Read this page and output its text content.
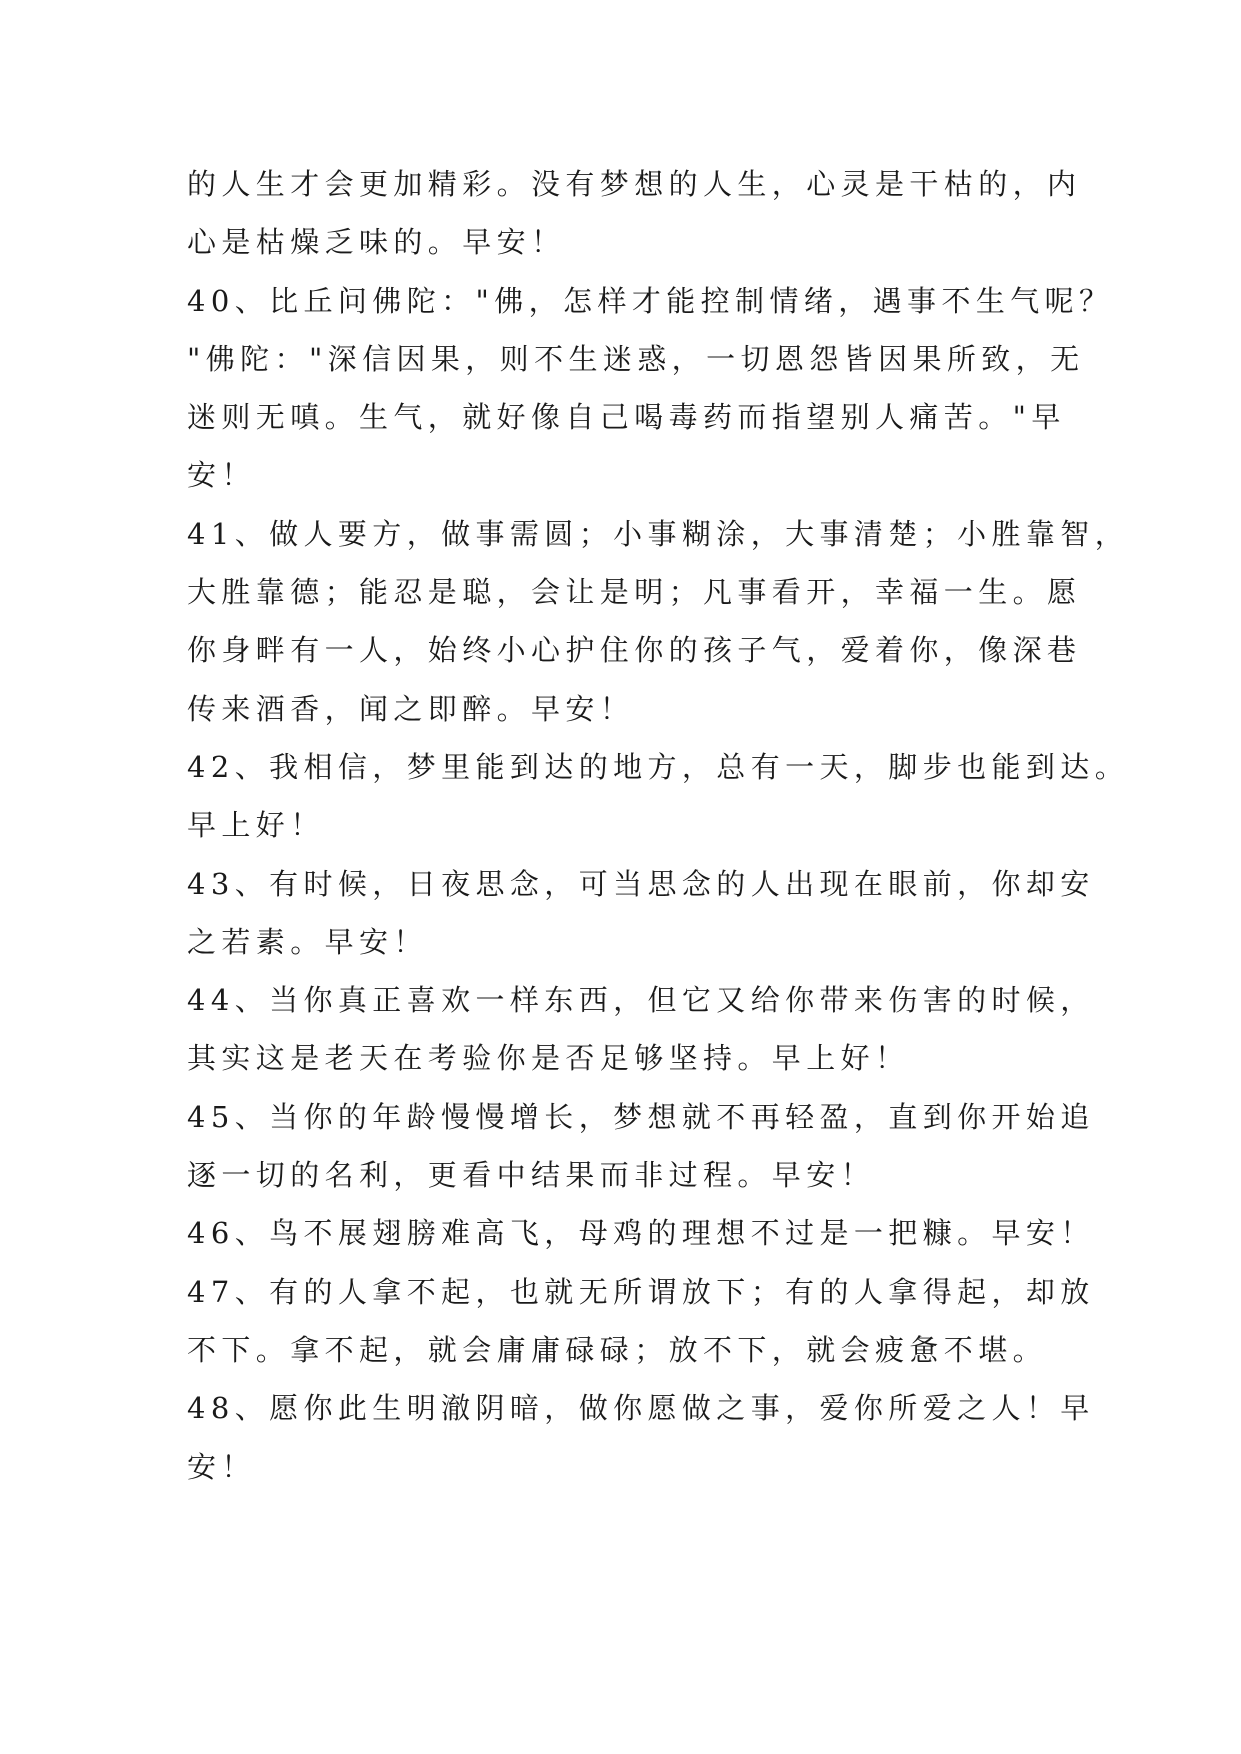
的人生才会更加精彩。没有梦想的人生，心灵是干枯的，内
心是枯燥乏味的。早安！
40、比丘问佛陀："佛，怎样才能控制情绪，遇事不生气呢？
"佛陀："深信因果，则不生迷惑，一切恩怨皆因果所致，无
迷则无嗔。生气，就好像自己喝毒药而指望别人痛苦。"早
安！
41、做人要方，做事需圆；小事糊涂，大事清楚；小胜靠智，
大胜靠德；能忍是聪，会让是明；凡事看开，幸福一生。愿
你身畔有一人，始终小心护住你的孩子气，爱着你，像深巷
传来酒香，闻之即醉。早安！
42、我相信，梦里能到达的地方，总有一天，脚步也能到达。
早上好！
43、有时候，日夜思念，可当思念的人出现在眼前，你却安
之若素。早安！
44、当你真正喜欢一样东西，但它又给你带来伤害的时候，
其实这是老天在考验你是否足够坚持。早上好！
45、当你的年龄慢慢增长，梦想就不再轻盈，直到你开始追
逐一切的名利，更看中结果而非过程。早安！
46、鸟不展翅膀难高飞，母鸡的理想不过是一把糠。早安！
47、有的人拿不起，也就无所谓放下；有的人拿得起，却放
不下。拿不起，就会庸庸碌碌；放不下，就会疲惫不堪。
48、愿你此生明澈阴暗，做你愿做之事，爱你所爱之人！早
安！
